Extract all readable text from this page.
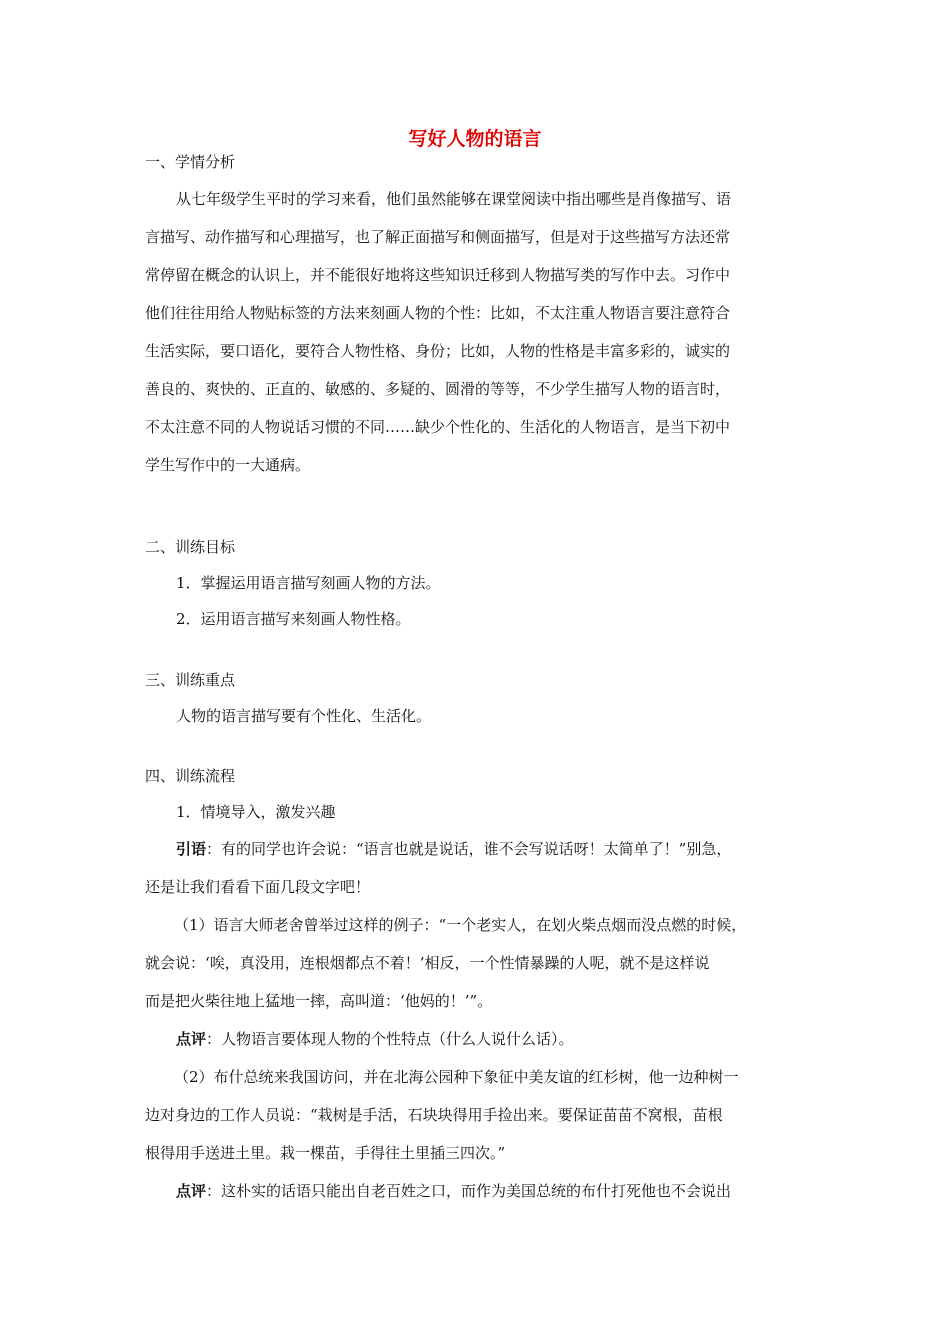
写好人物的语言
一、学情分析
从七年级学生平时的学习来看，他们虽然能够在课堂阅读中指出哪些是肖像描写、语
言描写、动作描写和心理描写，也了解正面描写和侧面描写，但是对于这些描写方法还常
常停留在概念的认识上，并不能很好地将这些知识迁移到人物描写类的写作中去。习作中
他们往往用给人物贴标签的方法来刻画人物的个性：比如，不太注重人物语言要注意符合
生活实际，要口语化，要符合人物性格、身份；比如，人物的性格是丰富多彩的，诚实的
善良的、爽快的、正直的、敏感的、多疑的、圆滑的等等，不少学生描写人物的语言时，
不太注意不同的人物说话习惯的不同……缺少个性化的、生活化的人物语言，是当下初中
学生写作中的一大通病。
二、训练目标
1．掌握运用语言描写刻画人物的方法。
2．运用语言描写来刻画人物性格。
三、训练重点
人物的语言描写要有个性化、生活化。
四、训练流程
1．情境导入，激发兴趣
引语：有的同学也许会说：“语言也就是说话，谁不会写说话呀！太简单了！”别急，
还是让我们看看下面几段文字吧！
（1）语言大师老舍曾举过这样的例子：“一个老实人，在划火柴点烟而没点燃的时候，
就会说：‘唉，真没用，连根烟都点不着！’相反，一个性情暴躁的人呢，就不是这样说
而是把火柴往地上猛地一摔，高叫道：‘他妈的！’”。
点评：人物语言要体现人物的个性特点（什么人说什么话）。
（2）布什总统来我国访问，并在北海公园种下象征中美友谊的红杉树，他一边种树一
边对身边的工作人员说：“栽树是手活，石块块得用手捡出来。要保证苗苗不窝根，苗根
根得用手送进土里。栽一棵苗，手得往土里插三四次。”
点评：这朴实的话语只能出自老百姓之口，而作为美国总统的布什打死他也不会说出
